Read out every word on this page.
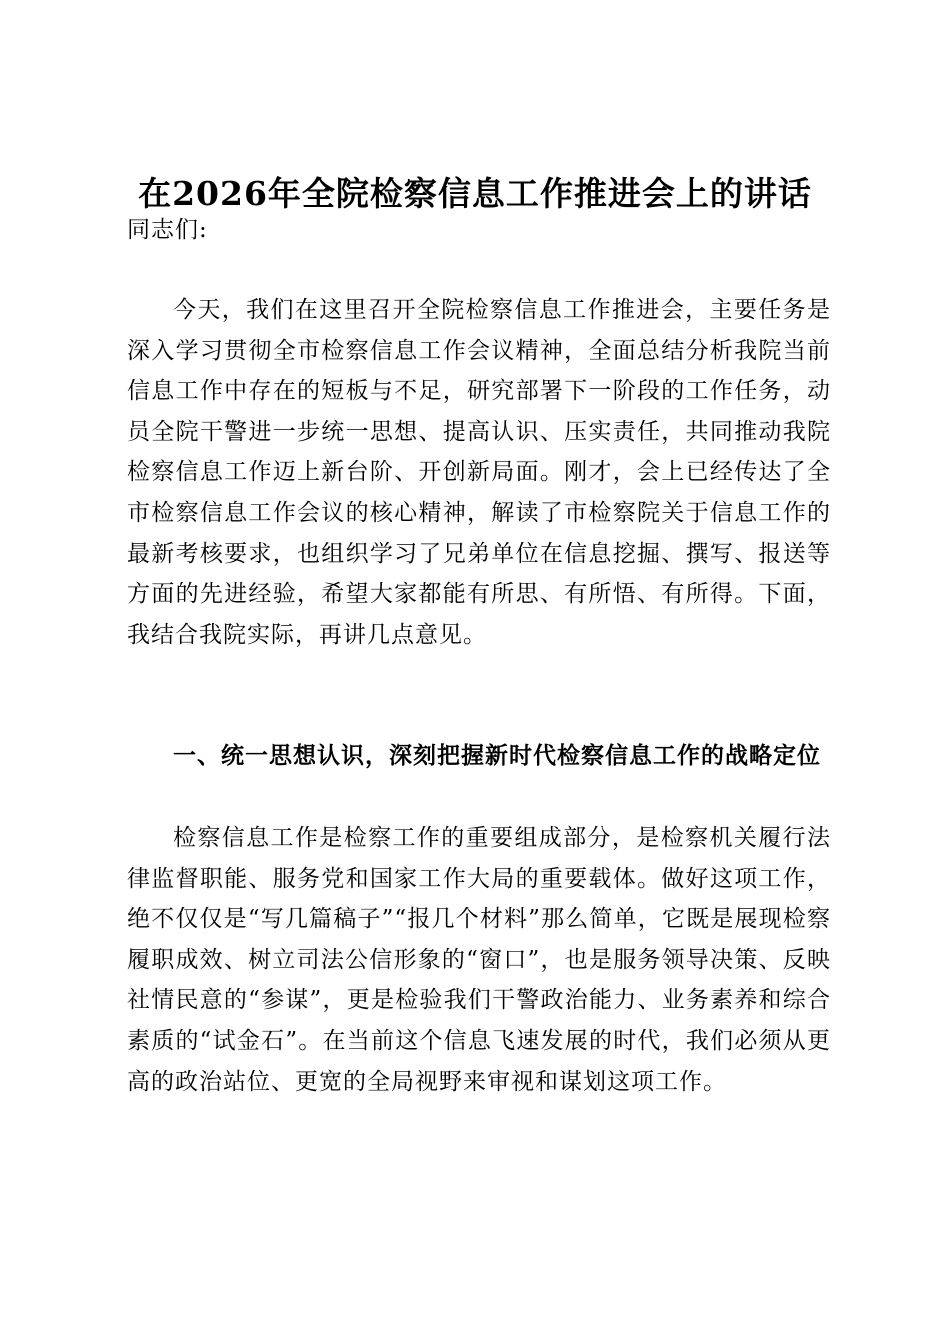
在2026年全院检察信息工作推进会上的讲话
同志们:
今天，我们在这里召开全院检察信息工作推进会，主要任务是深入学习贯彻全市检察信息工作会议精神，全面总结分析我院当前信息工作中存在的短板与不足，研究部署下一阶段的工作任务，动员全院干警进一步统一思想、提高认识、压实责任，共同推动我院检察信息工作迈上新台阶、开创新局面。刚才，会上已经传达了全市检察信息工作会议的核心精神，解读了市检察院关于信息工作的最新考核要求，也组织学习了兄弟单位在信息挖掘、撰写、报送等方面的先进经验，希望大家都能有所思、有所悟、有所得。下面，我结合我院实际，再讲几点意见。
一、统一思想认识，深刻把握新时代检察信息工作的战略定位
检察信息工作是检察工作的重要组成部分，是检察机关履行法律监督职能、服务党和国家工作大局的重要载体。做好这项工作，绝不仅仅是“写几篇稿子”“报几个材料”那么简单，它既是展现检察履职成效、树立司法公信形象的“窗口”，也是服务领导决策、反映社情民意的“参谋”，更是检验我们干警政治能力、业务素养和综合素质的“试金石”。在当前这个信息飞速发展的时代，我们必须从更高的政治站位、更宽的全局视野来审视和谋划这项工作。
